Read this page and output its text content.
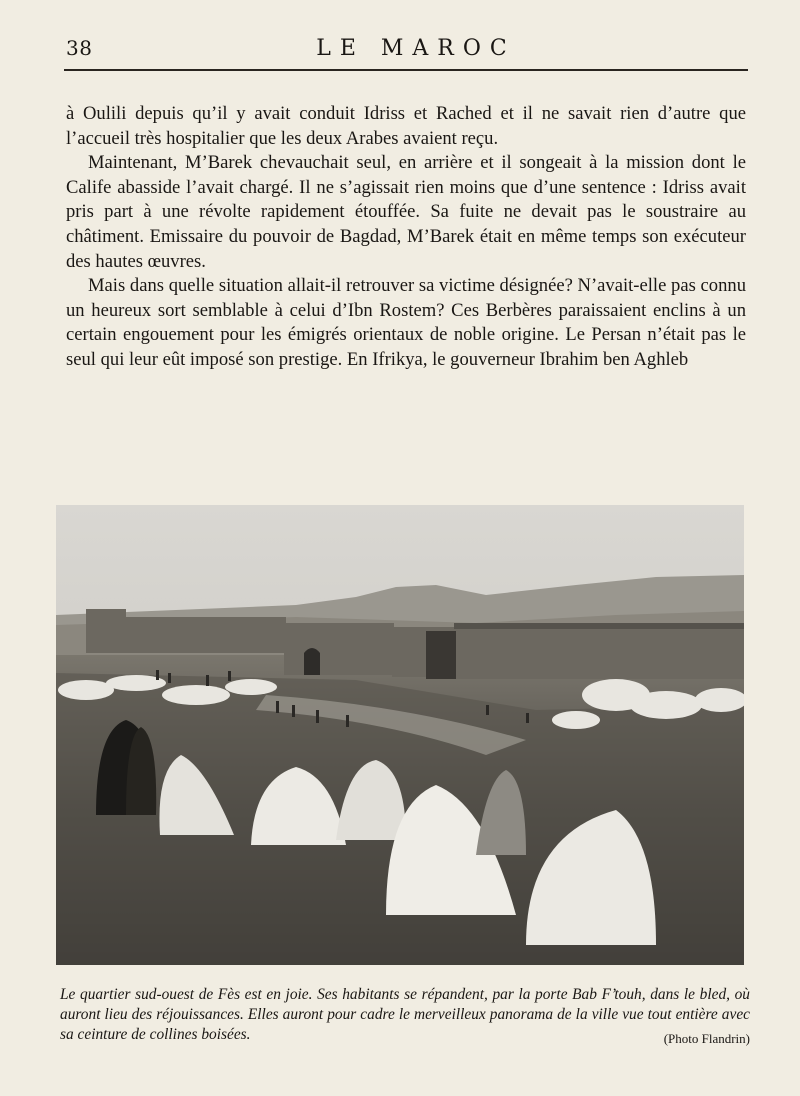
38	LE MAROC

à Oulili depuis qu’il y avait conduit Idriss et Rached et il ne savait rien d’autre que l’accueil très hospitalier que les deux Arabes avaient reçu.

Maintenant, M’Barek chevauchait seul, en arrière et il songeait à la mission dont le Calife abasside l’avait chargé. Il ne s’agissait rien moins que d’une sentence : Idriss avait pris part à une révolte rapidement étouffée. Sa fuite ne devait pas le soustraire au châtiment. Emissaire du pouvoir de Bagdad, M’Barek était en même temps son exécuteur des hautes œuvres.

Mais dans quelle situation allait-il retrouver sa victime désignée? N’avait-elle pas connu un heureux sort semblable à celui d’Ibn Rostem? Ces Berbères paraissaient enclins à un certain engouement pour les émigrés orientaux de noble origine. Le Persan n’était pas le seul qui leur eût imposé son prestige. En Ifrikya, le gouverneur Ibrahim ben Aghleb

Le quartier sud-ouest de Fès est en joie. Ses habitants se répandent, par la porte Bab F’touh, dans le bled, où auront lieu des réjouissances. Elles auront pour cadre le merveilleux panorama de la ville vue tout entière avec sa ceinture de collines boisées.	(Photo Flandrin)
